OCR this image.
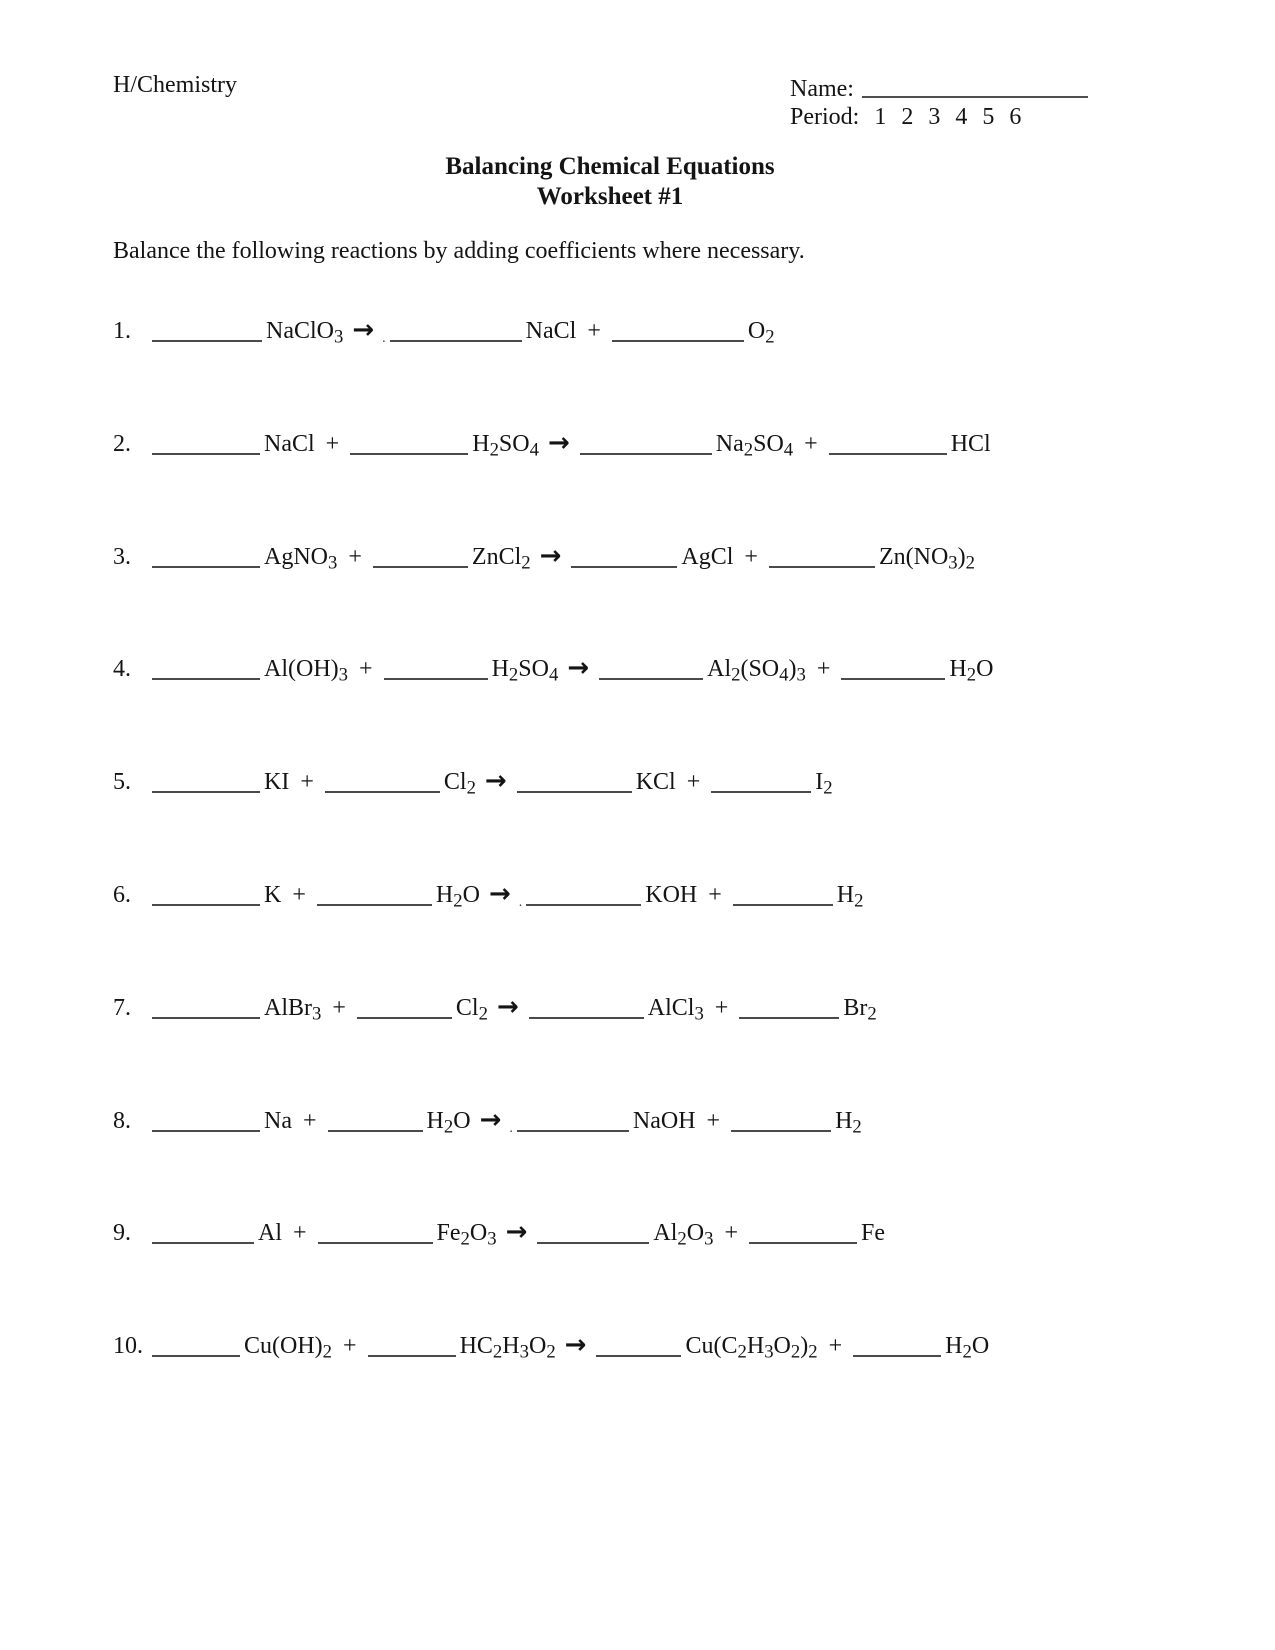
H/Chemistry	Name:
Period: 1 2 3 4 5 6
Balancing Chemical Equations
Worksheet #1
Balance the following reactions by adding coefficients where necessary.
1.	NaClO$_3$ → .	NaCl +	$O_2$
2.	NaCl +	$H_2SO_4$ →	$Na_2SO_4$ +	HCl
3.	AgNO$_3$ +	ZnCl$_2$ →	AgCl +	$Zn(NO_3)_2$
4.	$Al(OH)_3$ +	$H_2SO_4$ →	$Al_2(SO_4)_3$ +	$H_2O$
5.	KI +	$Cl_2$ →	KCl +	$I_2$
6.	K +	$H_2O$ → .	KOH +	$H_2$
7.	AlBr$_3$ +	$Cl_2$ →	AlCl$_3$ +	$Br_2$
8.	Na +	$H_2O$ → .	NaOH +	$H_2$
9.	Al +	$Fe_2O_3$ →	$Al_2O_3$ +	Fe
10.	$Cu(OH)_2$ +	$HC_2H_3O_2$ →	$Cu(C_2H_3O_2)_2$ +	$H_2O$
